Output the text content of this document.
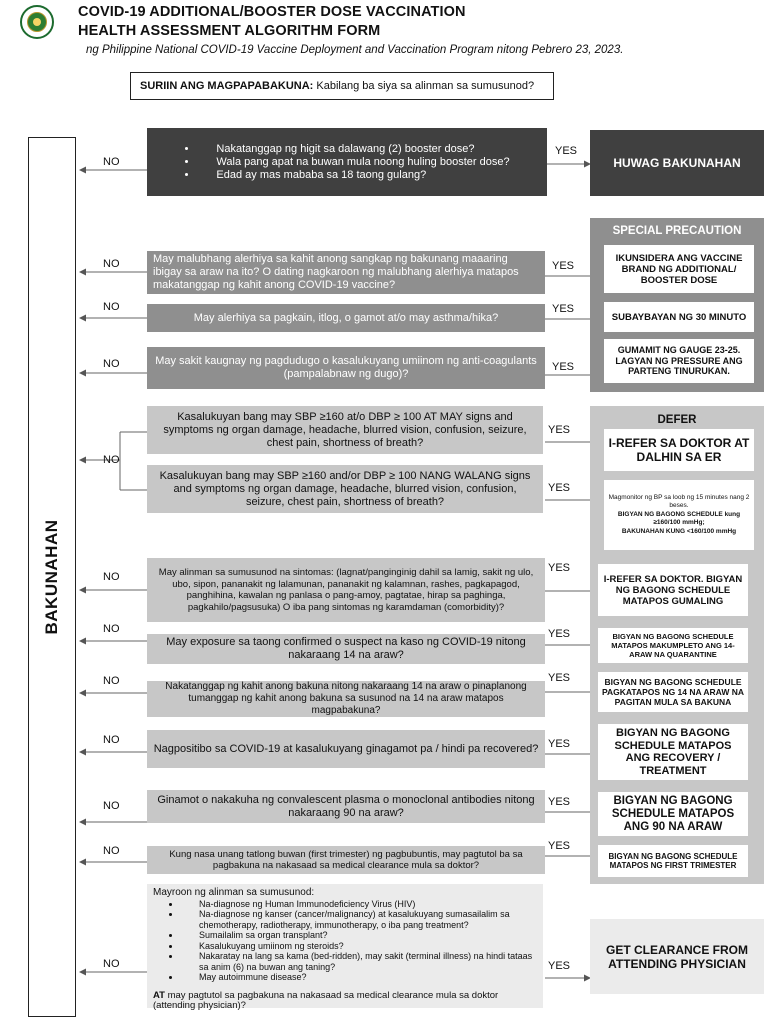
COVID-19 ADDITIONAL/BOOSTER DOSE VACCINATION
HEALTH ASSESSMENT ALGORITHM FORM
ng Philippine National COVID-19 Vaccine Deployment and Vaccination Program nitong Pebrero 23, 2023.
SURIIN ANG MAGPAPABAKUNA: Kabilang ba siya sa alinman sa sumusunod?
BAKUNAHAN
• Nakatanggap ng higit sa dalawang (2) booster dose?
• Wala pang apat na buwan mula noong huling booster dose?
• Edad ay mas mababa sa 18 taong gulang?
HUWAG BAKUNAHAN
SPECIAL PRECAUTION
May malubhang alerhiya sa kahit anong sangkap ng bakunang maaaring ibigay sa araw na ito? O dating nagkaroon ng malubhang alerhiya matapos makatanggap ng kahit anong COVID-19 vaccine?
IKUNSIDERA ANG VACCINE BRAND NG ADDITIONAL/ BOOSTER DOSE
May alerhiya sa pagkain, itlog, o gamot at/o may asthma/hika?	SUBAYBAYAN NG 30 MINUTO
May sakit kaugnay ng pagdudugo o kasalukuyang umiinom ng anti-coagulants (pampalabnaw ng dugo)?
GUMAMIT NG GAUGE 23-25. LAGYAN NG PRESSURE ANG PARTENG TINURUKAN.
DEFER
Kasalukuyan bang may SBP ≥160 at/o DBP ≥ 100 AT MAY signs and symptoms ng organ damage, headache, blurred vision, confusion, seizure, chest pain, shortness of breath?	I-REFER SA DOKTOR AT DALHIN SA ER
Kasalukuyan bang may SBP ≥160 and/or DBP ≥ 100 NANG WALANG signs and symptoms ng organ damage, headache, blurred vision, confusion, seizure, chest pain, shortness of breath?	Magmonitor ng BP sa loob ng 15 minutes nang 2 beses.
BIGYAN NG BAGONG SCHEDULE kung ≥160/100 mmHg;
BAKUNAHAN KUNG <160/100 mmHg
May alinman sa sumusunod na sintomas: (lagnat/panginginig dahil sa lamig, sakit ng ulo, ubo, sipon, pananakit ng lalamunan, pananakit ng kalamnan, rashes, pagkapagod, panghihina, kawalan ng panlasa o pang-amoy, pagtatae, hirap sa paghinga, pagkahilo/pagsusuka) O iba pang sintomas ng karamdaman (comorbidity)?
I-REFER SA DOKTOR. BIGYAN NG BAGONG SCHEDULE MATAPOS GUMALING
May exposure sa taong confirmed o suspect na kaso ng COVID-19 nitong nakaraang 14 na araw?
BIGYAN NG BAGONG SCHEDULE MATAPOS MAKUMPLETO ANG 14-ARAW NA QUARANTINE
Nakatanggap ng kahit anong bakuna nitong nakaraang 14 na araw o pinaplanong tumanggap ng kahit anong bakuna sa susunod na 14 na araw matapos magpabakuna?
BIGYAN NG BAGONG SCHEDULE PAGKATAPOS NG 14 NA ARAW NA PAGITAN MULA SA BAKUNA
Nagpositibo sa COVID-19 at kasalukuyang ginagamot pa / hindi pa recovered?
BIGYAN NG BAGONG SCHEDULE MATAPOS ANG RECOVERY / TREATMENT
Ginamot o nakakuha ng convalescent plasma o monoclonal antibodies nitong nakaraang 90 na araw?
BIGYAN NG BAGONG SCHEDULE MATAPOS ANG 90 NA ARAW
Kung nasa unang tatlong buwan (first trimester) ng pagbubuntis, may pagtutol ba sa pagbakuna na nakasaad sa medical clearance mula sa doktor?
BIGYAN NG BAGONG SCHEDULE MATAPOS NG FIRST TRIMESTER
Mayroon ng alinman sa sumusunod:
• Na-diagnose ng Human Immunodeficiency Virus (HIV)
• Na-diagnose ng kanser (cancer/malignancy) at kasalukuyang sumasailalim sa chemotherapy, radiotherapy, immunotherapy, o iba pang treatment?
• Sumailalim sa organ transplant?
• Kasalukuyang umiinom ng steroids?
• Nakaratay na lang sa kama (bed-ridden), may sakit (terminal illness) na hindi tataas sa anim (6) na buwan ang taning?
• May autoimmune disease?
AT may pagtutol sa pagbakuna na nakasaad sa medical clearance mula sa doktor (attending physician)?
GET CLEARANCE FROM ATTENDING PHYSICIAN
NO
YES
NO	YES
NO	YES
NO	YES
NO
YES
YES
NO
YES
NO	YES
NO	YES
NO	YES
NO	YES
NO	YES
NO	YES
